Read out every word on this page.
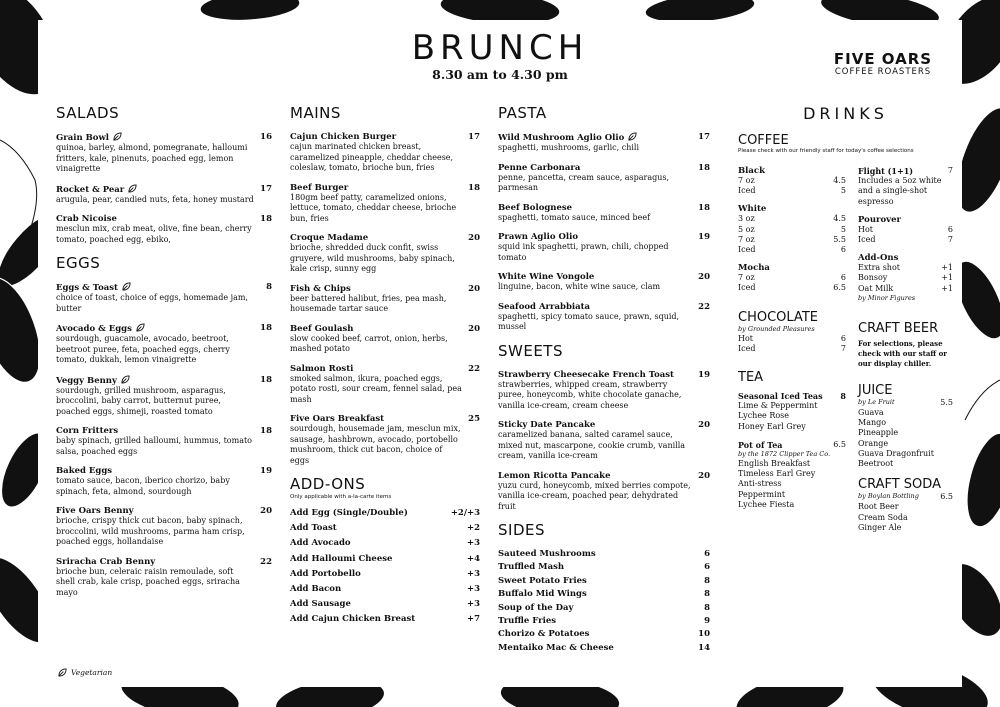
BRUNCH
8.30 am to 4.30 pm
FIVE OARS
COFFEE ROASTERS
SALADS
Grain Bowl	16
quinoa, barley, almond, pomegranate, halloumi fritters, kale, pinenuts, poached egg, lemon vinaigrette
Rocket & Pear	17
arugula, pear, candied nuts, feta, honey mustard
Crab Nicoise	18
mesclun mix, crab meat, olive, fine bean, cherry tomato, poached egg, ebiko,
EGGS
Eggs & Toast	8
choice of toast, choice of eggs, homemade jam, butter
Avocado & Eggs	18
sourdough, guacamole, avocado, beetroot, beetroot puree, feta, poached eggs, cherry tomato, dukkah, lemon vinaigrette
Veggy Benny	18
sourdough, grilled mushroom, asparagus, broccolini, baby carrot, butternut puree, poached eggs, shimeji, roasted tomato
Corn Fritters	18
baby spinach, grilled halloumi, hummus, tomato salsa, poached eggs
Baked Eggs	19
tomato sauce, bacon, iberico chorizo, baby spinach, feta, almond, sourdough
Five Oars Benny	20
brioche, crispy thick cut bacon, baby spinach, broccolini, wild mushrooms, parma ham crisp, poached eggs, hollandaise
Sriracha Crab Benny	22
brioche bun, celeraic raisin remoulade, soft shell crab, kale crisp, poached eggs, sriracha mayo
MAINS
Cajun Chicken Burger	17
cajun marinated chicken breast, caramelized pineapple, cheddar cheese, coleslaw, tomato, brioche bun, fries
Beef Burger	18
180gm beef patty, caramelized onions, lettuce, tomato, cheddar cheese, brioche bun, fries
Croque Madame	20
brioche, shredded duck confit, swiss gruyere, wild mushrooms, baby spinach, kale crisp, sunny egg
Fish & Chips	20
beer battered halibut, fries, pea mash, housemade tartar sauce
Beef Goulash	20
slow cooked beef, carrot, onion, herbs, mashed potato
Salmon Rosti	22
smoked salmon, ikura, poached eggs, potato rosti, sour cream, fennel salad, pea mash
Five Oars Breakfast	25
sourdough, housemade jam, mesclun mix, sausage, hashbrown, avocado, portobello mushroom, thick cut bacon, choice of eggs
ADD-ONS
Only applicable with a-la-carte items
Add Egg (Single/Double)	+2/+3
Add Toast	+2
Add Avocado	+3
Add Halloumi Cheese	+4
Add Portobello	+3
Add Bacon	+3
Add Sausage	+3
Add Cajun Chicken Breast	+7
PASTA
Wild Mushroom Aglio Olio	17
spaghetti, mushrooms, garlic, chili
Penne Carbonara	18
penne, pancetta, cream sauce, asparagus, parmesan
Beef Bolognese	18
spaghetti, tomato sauce, minced beef
Prawn Aglio Olio	19
squid ink spaghetti, prawn, chili, chopped tomato
White Wine Vongole	20
linguine, bacon, white wine sauce, clam
Seafood Arrabbiata	22
spaghetti, spicy tomato sauce, prawn, squid, mussel
SWEETS
Strawberry Cheesecake French Toast	19
strawberries, whipped cream, strawberry puree, honeycomb, white chocolate ganache, vanilla ice-cream, cream cheese
Sticky Date Pancake	20
caramelized banana, salted caramel sauce, mixed nut, mascarpone, cookie crumb, vanilla cream, vanilla ice-cream
Lemon Ricotta Pancake	20
yuzu curd, honeycomb, mixed berries compote, vanilla ice-cream, poached pear, dehydrated fruit
SIDES
Sauteed Mushrooms	6
Truffled Mash	6
Sweet Potato Fries	8
Buffalo Mid Wings	8
Soup of the Day	8
Truffle Fries	9
Chorizo & Potatoes	10
Mentaiko Mac & Cheese	14
DRINKS
COFFEE
Please check with our friendly staff for today's coffee selections
Black
7 oz	4.5
Iced	5
White
3 oz	4.5
5 oz	5
7 oz	5.5
Iced	6
Mocha
7 oz	6
Iced	6.5
CHOCOLATE
by Grounded Pleasures
Hot	6
Iced	7
TEA
Seasonal Iced Teas 8
Lime & Peppermint
Lychee Rose
Honey Earl Grey
Pot of Tea	6.5
by the 1872 Clipper Tea Co.
English Breakfast
Timeless Earl Grey
Anti-stress
Peppermint
Lychee Fiesta
Flight (1+1)	7
Includes a 5oz white and a single-shot espresso
Pourover
Hot	6
Iced	7
Add-Ons
Extra shot	+1
Bonsoy	+1
Oat Milk	+1
by Minor Figures
CRAFT BEER
For selections, please check with our staff or our display chiller.
JUICE
by Le Fruit	5.5
Guava
Mango
Pineapple
Orange
Guava Dragonfruit
Beetroot
CRAFT SODA
by Boylan Bottling	6.5
Root Beer
Cream Soda
Ginger Ale
Vegetarian
